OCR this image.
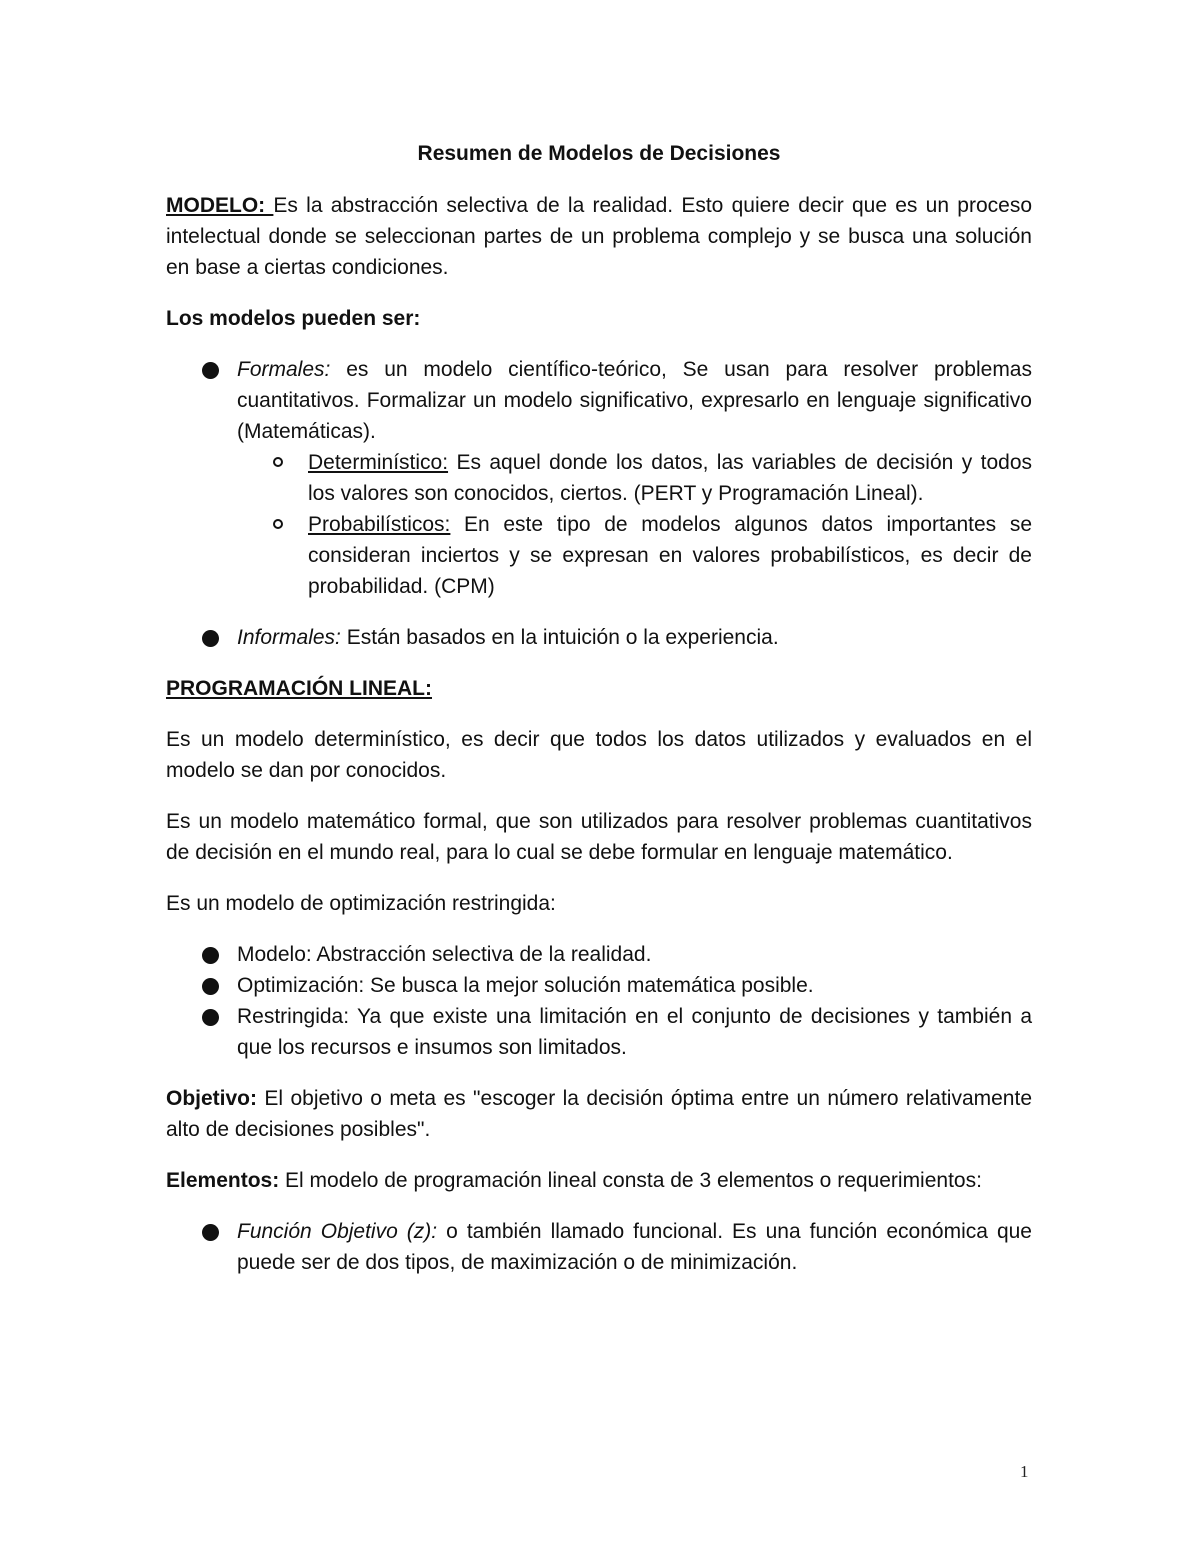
Resumen de Modelos de Decisiones

MODELO: Es la abstracción selectiva de la realidad. Esto quiere decir que es un proceso intelectual donde se seleccionan partes de un problema complejo y se busca una solución en base a ciertas condiciones.

Los modelos pueden ser:

Formales: es un modelo científico-teórico, Se usan para resolver problemas cuantitativos. Formalizar un modelo significativo, expresarlo en lenguaje significativo (Matemáticas).
Determinístico: Es aquel donde los datos, las variables de decisión y todos los valores son conocidos, ciertos. (PERT y Programación Lineal).
Probabilísticos: En este tipo de modelos algunos datos importantes se consideran inciertos y se expresan en valores probabilísticos, es decir de probabilidad. (CPM)
Informales: Están basados en la intuición o la experiencia.

PROGRAMACIÓN LINEAL:

Es un modelo determinístico, es decir que todos los datos utilizados y evaluados en el modelo se dan por conocidos.

Es un modelo matemático formal, que son utilizados para resolver problemas cuantitativos de decisión en el mundo real, para lo cual se debe formular en lenguaje matemático.

Es un modelo de optimización restringida:

Modelo: Abstracción selectiva de la realidad.
Optimización: Se busca la mejor solución matemática posible.
Restringida: Ya que existe una limitación en el conjunto de decisiones y también a que los recursos e insumos son limitados.

Objetivo: El objetivo o meta es "escoger la decisión óptima entre un número relativamente alto de decisiones posibles".

Elementos: El modelo de programación lineal consta de 3 elementos o requerimientos:

Función Objetivo (z): o también llamado funcional. Es una función económica que puede ser de dos tipos, de maximización o de minimización.
1
